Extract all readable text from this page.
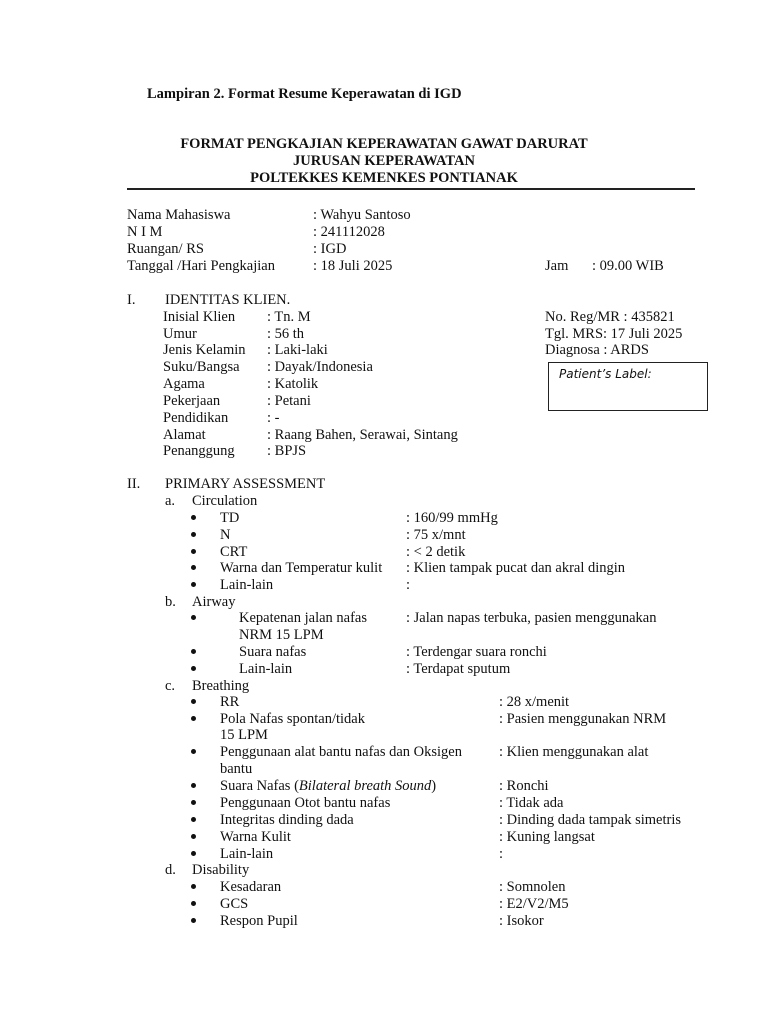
Lampiran 2. Format Resume Keperawatan di IGD
FORMAT PENGKAJIAN KEPERAWATAN GAWAT DARURAT
JURUSAN KEPERAWATAN
POLTEKKES KEMENKES PONTIANAK
Nama Mahasiswa	: Wahyu Santoso
N I M	: 241112028
Ruangan/ RS	: IGD
Tanggal /Hari Pengkajian	: 18 Juli 2025	Jam : 09.00 WIB
I. IDENTITAS KLIEN.
Inisial Klien : Tn. M
Umur	: 56 th
Jenis Kelamin : Laki-laki
Suku/Bangsa : Dayak/Indonesia
Agama	: Katolik
Pekerjaan	: Petani
Pendidikan	: -
Alamat	: Raang Bahen, Serawai, Sintang
Penanggung : BPJS
No. Reg/MR : 435821
Tgl. MRS: 17 Juli 2025
Diagnosa : ARDS
Patient’s Label:
II. PRIMARY ASSESSMENT
a. Circulation
TD	: 160/99 mmHg
N	: 75 x/mnt
CRT	: < 2 detik
Warna dan Temperatur kulit : Klien tampak pucat dan akral dingin
Lain-lain	:
b. Airway
Kepatenan jalan nafas	: Jalan napas terbuka, pasien menggunakan
NRM 15 LPM
Suara nafas	: Terdengar suara ronchi
Lain-lain	: Terdapat sputum
c. Breathing
RR	: 28 x/menit
Pola Nafas spontan/tidak	: Pasien menggunakan NRM
15 LPM
Penggunaan alat bantu nafas dan Oksigen	: Klien menggunakan alat
bantu
Suara Nafas (Bilateral breath Sound)	: Ronchi
Penggunaan Otot bantu nafas	: Tidak ada
Integritas dinding dada	: Dinding dada tampak simetris
Warna Kulit	: Kuning langsat
Lain-lain	:
d. Disability
Kesadaran	: Somnolen
GCS	: E2/V2/M5
Respon Pupil	: Isokor
